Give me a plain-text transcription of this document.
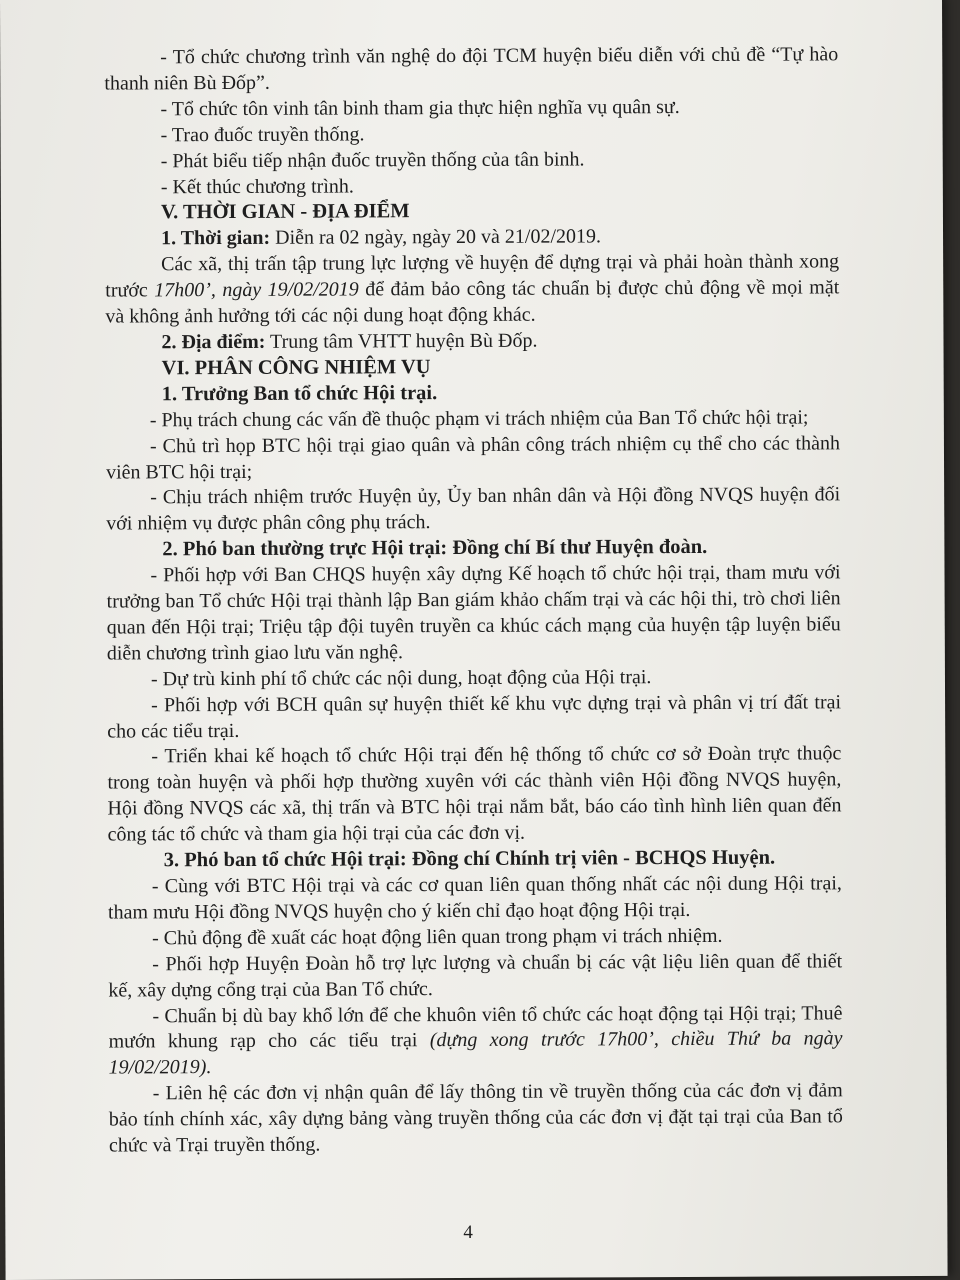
- Tổ chức chương trình văn nghệ do đội TCM huyện biểu diễn với chủ đề “Tự hào thanh niên Bù Đốp”.

- Tổ chức tôn vinh tân binh tham gia thực hiện nghĩa vụ quân sự.

- Trao đuốc truyền thống.

- Phát biểu tiếp nhận đuốc truyền thống của tân binh.

- Kết thúc chương trình.

V. THỜI GIAN - ĐỊA ĐIỂM

1. Thời gian: Diễn ra 02 ngày, ngày 20 và 21/02/2019.

Các xã, thị trấn tập trung lực lượng về huyện để dựng trại và phải hoàn thành xong trước 17h00’, ngày 19/02/2019 để đảm bảo công tác chuẩn bị được chủ động về mọi mặt và không ảnh hưởng tới các nội dung hoạt động khác.

2. Địa điểm: Trung tâm VHTT huyện Bù Đốp.

VI. PHÂN CÔNG NHIỆM VỤ

1. Trưởng Ban tổ chức Hội trại.

- Phụ trách chung các vấn đề thuộc phạm vi trách nhiệm của Ban Tổ chức hội trại;

- Chủ trì họp BTC hội trại giao quân và phân công trách nhiệm cụ thể cho các thành viên BTC hội trại;

- Chịu trách nhiệm trước Huyện ủy, Ủy ban nhân dân và Hội đồng NVQS huyện đối với nhiệm vụ được phân công phụ trách.

2. Phó ban thường trực Hội trại: Đồng chí Bí thư Huyện đoàn.

- Phối hợp với Ban CHQS huyện xây dựng Kế hoạch tổ chức hội trại, tham mưu với trưởng ban Tổ chức Hội trại thành lập Ban giám khảo chấm trại và các hội thi, trò chơi liên quan đến Hội trại; Triệu tập đội tuyên truyền ca khúc cách mạng của huyện tập luyện biểu diễn chương trình giao lưu văn nghệ.

- Dự trù kinh phí tổ chức các nội dung, hoạt động của Hội trại.

- Phối hợp với BCH quân sự huyện thiết kế khu vực dựng trại và phân vị trí đất trại cho các tiểu trại.

- Triển khai kế hoạch tổ chức Hội trại đến hệ thống tổ chức cơ sở Đoàn trực thuộc trong toàn huyện và phối hợp thường xuyên với các thành viên Hội đồng NVQS huyện, Hội đồng NVQS các xã, thị trấn và BTC hội trại nắm bắt, báo cáo tình hình liên quan đến công tác tổ chức và tham gia hội trại của các đơn vị.

3. Phó ban tổ chức Hội trại: Đồng chí Chính trị viên - BCHQS Huyện.

- Cùng với BTC Hội trại và các cơ quan liên quan thống nhất các nội dung Hội trại, tham mưu Hội đồng NVQS huyện cho ý kiến chỉ đạo hoạt động Hội trại.

- Chủ động đề xuất các hoạt động liên quan trong phạm vi trách nhiệm.

- Phối hợp Huyện Đoàn hỗ trợ lực lượng và chuẩn bị các vật liệu liên quan để thiết kế, xây dựng cổng trại của Ban Tổ chức.

- Chuẩn bị dù bay khổ lớn để che khuôn viên tổ chức các hoạt động tại Hội trại; Thuê mướn khung rạp cho các tiểu trại (dựng xong trước 17h00’, chiều Thứ ba ngày 19/02/2019).

- Liên hệ các đơn vị nhận quân để lấy thông tin về truyền thống của các đơn vị đảm bảo tính chính xác, xây dựng bảng vàng truyền thống của các đơn vị đặt tại trại của Ban tổ chức và Trại truyền thống.

4
